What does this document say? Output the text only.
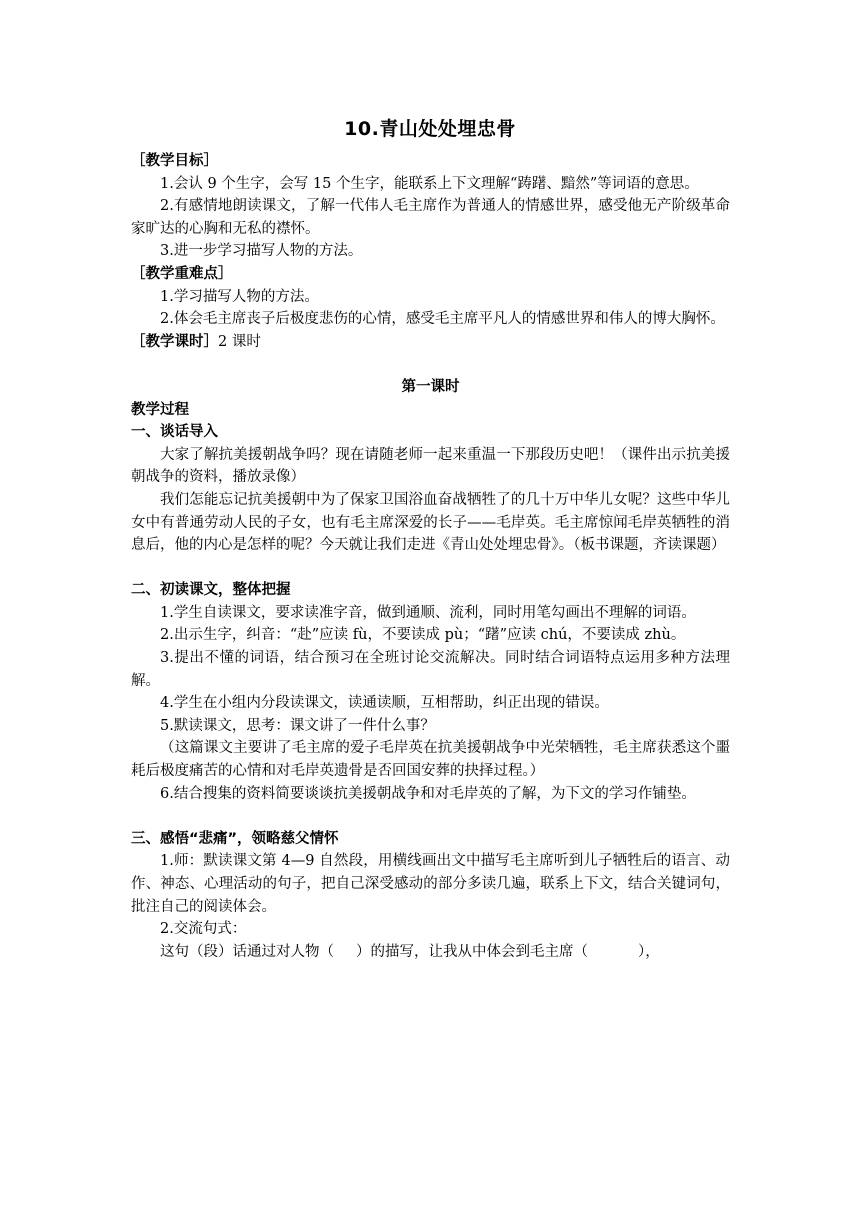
10.青山处处埋忠骨

［教学目标］

1.会认 9 个生字，会写 15 个生字，能联系上下文理解“踌躇、黯然”等词语的意思。

2.有感情地朗读课文，了解一代伟人毛主席作为普通人的情感世界，感受他无产阶级革命家旷达的心胸和无私的襟怀。

3.进一步学习描写人物的方法。

［教学重难点］

1.学习描写人物的方法。

2.体会毛主席丧子后极度悲伤的心情，感受毛主席平凡人的情感世界和伟人的博大胸怀。

［教学课时］2 课时

第一课时

教学过程

一、谈话导入

大家了解抗美援朝战争吗？现在请随老师一起来重温一下那段历史吧！（课件出示抗美援朝战争的资料，播放录像）

我们怎能忘记抗美援朝中为了保家卫国浴血奋战牺牲了的几十万中华儿女呢？这些中华儿女中有普通劳动人民的子女，也有毛主席深爱的长子——毛岸英。毛主席惊闻毛岸英牺牲的消息后，他的内心是怎样的呢？今天就让我们走进《青山处处埋忠骨》。（板书课题，齐读课题）

二、初读课文，整体把握

1.学生自读课文，要求读准字音，做到通顺、流利，同时用笔勾画出不理解的词语。

2.出示生字，纠音：“赴”应读 fù，不要读成 pù；“躇”应读 chú，不要读成 zhù。

3.提出不懂的词语，结合预习在全班讨论交流解决。同时结合词语特点运用多种方法理解。

4.学生在小组内分段读课文，读通读顺，互相帮助，纠正出现的错误。

5.默读课文，思考：课文讲了一件什么事？

（这篇课文主要讲了毛主席的爱子毛岸英在抗美援朝战争中光荣牺牲，毛主席获悉这个噩耗后极度痛苦的心情和对毛岸英遗骨是否回国安葬的抉择过程。）

6.结合搜集的资料简要谈谈抗美援朝战争和对毛岸英的了解，为下文的学习作铺垫。

三、感悟“悲痛”，领略慈父情怀

1.师：默读课文第 4—9 自然段，用横线画出文中描写毛主席听到儿子牺牲后的语言、动作、神态、心理活动的句子，把自己深受感动的部分多读几遍，联系上下文，结合关键词句，批注自己的阅读体会。

2.交流句式：

这句（段）话通过对人物（ ）的描写，让我从中体会到毛主席（	），
